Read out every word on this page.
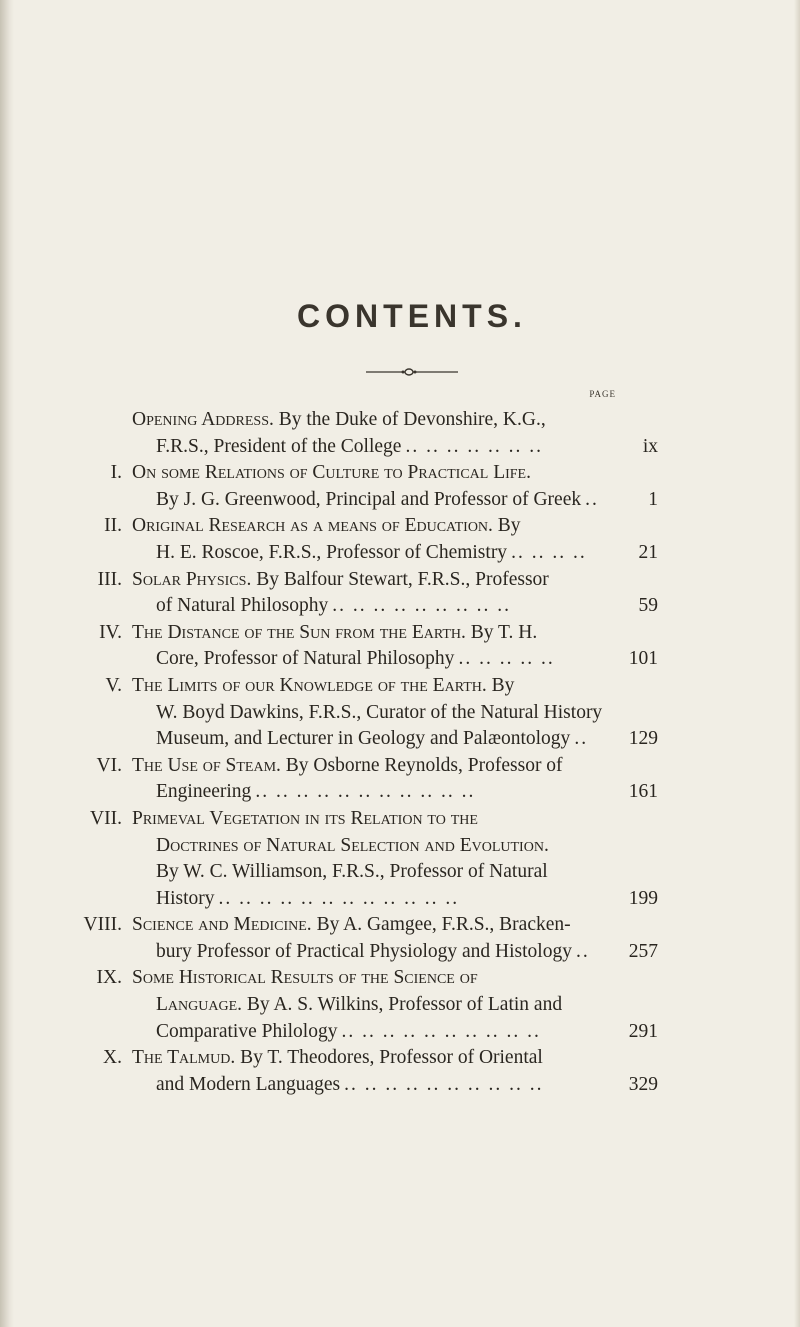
CONTENTS.
PAGE
Opening Address. By the Duke of Devonshire, K.G.,
F.R.S., President of the College .. .. .. .. .. .. ..	ix
I. On some Relations of Culture to Practical Life.
By J. G. Greenwood, Principal and Professor of Greek ..	1
II. Original Research as a means of Education. By
H. E. Roscoe, F.R.S., Professor of Chemistry .. .. .. ..	21
III. Solar Physics. By Balfour Stewart, F.R.S., Professor
of Natural Philosophy .. .. .. .. .. .. .. .. ..	59
IV. The Distance of the Sun from the Earth. By T. H.
Core, Professor of Natural Philosophy .. .. .. .. ..	101
V. The Limits of our Knowledge of the Earth. By
W. Boyd Dawkins, F.R.S., Curator of the Natural History
Museum, and Lecturer in Geology and Palæontology ..	129
VI. The Use of Steam. By Osborne Reynolds, Professor of
Engineering .. .. .. .. .. .. .. .. .. .. ..	161
VII. Primeval Vegetation in its Relation to the
Doctrines of Natural Selection and Evolution.
By W. C. Williamson, F.R.S., Professor of Natural
History .. .. .. .. .. .. .. .. .. .. .. ..	199
VIII. Science and Medicine. By A. Gamgee, F.R.S., Bracken-
bury Professor of Practical Physiology and Histology ..	257
IX. Some Historical Results of the Science of
Language. By A. S. Wilkins, Professor of Latin and
Comparative Philology .. .. .. .. .. .. .. .. .. ..	291
X. The Talmud. By T. Theodores, Professor of Oriental
and Modern Languages .. .. .. .. .. .. .. .. .. ..	329
